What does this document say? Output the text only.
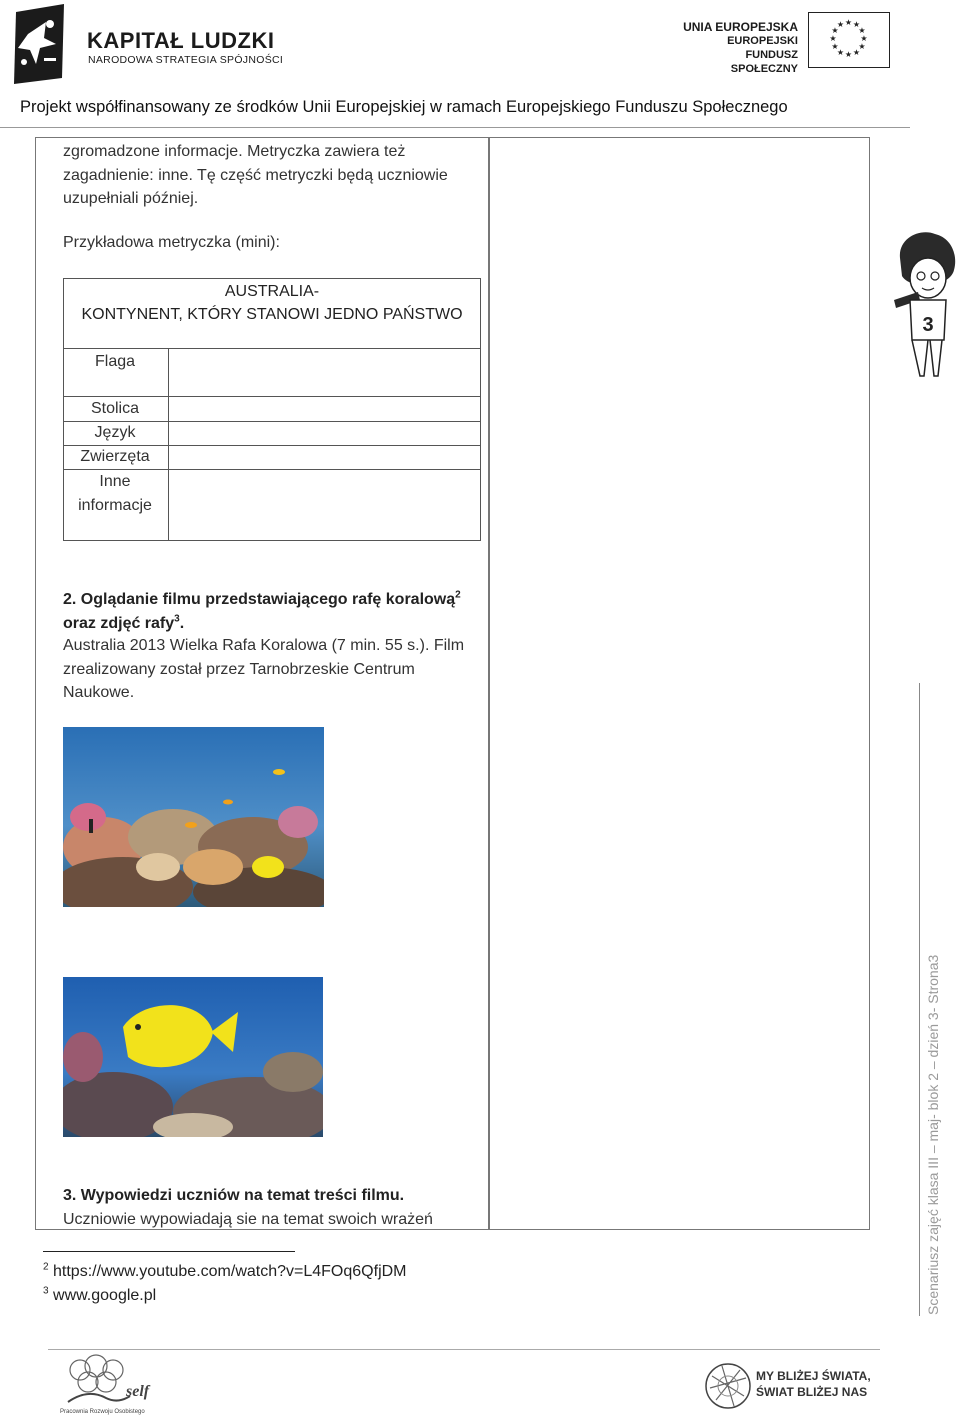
KAPITAŁ LUDZKI
NARODOWA STRATEGIA SPÓJNOŚCI
UNIA EUROPEJSKA
EUROPEJSKI
FUNDUSZ SPOŁECZNY
★ ★
★
★
★
★
★
★
★
★
★
★
Projekt współfinansowany ze środków Unii Europejskiej w ramach Europejskiego Funduszu Społecznego
zgromadzone informacje. Metryczka zawiera też zagadnienie: inne. Tę część metryczki będą uczniowie uzupełniali później.
Przykładowa metryczka (mini):
AUSTRALIA-
KONTYNENT, KTÓRY STANOWI JEDNO PAŃSTWO
Flaga
Stolica
Język
Zwierzęta
Inne informacje
2. Oglądanie filmu przedstawiającego rafę koralową$^2$ oraz zdjęć rafy$^3$.
Australia 2013 Wielka Rafa Koralowa (7 min. 55 s.). Film zrealizowany został przez Tarnobrzeskie Centrum Naukowe.
3. Wypowiedzi uczniów na temat treści filmu.
Uczniowie wypowiadają sie na temat swoich wrażeń
$^2$ https://www.youtube.com/watch?v=L4FOq6QfjDM
$^3$ www.google.pl
3
Scenariusz zajęć klasa III – maj- blok 2 – dzień 3- Strona3
self
Pracownia Rozwoju Osobistego
MY BLIŻEJ ŚWIATA,
ŚWIAT BLIŻEJ NAS
